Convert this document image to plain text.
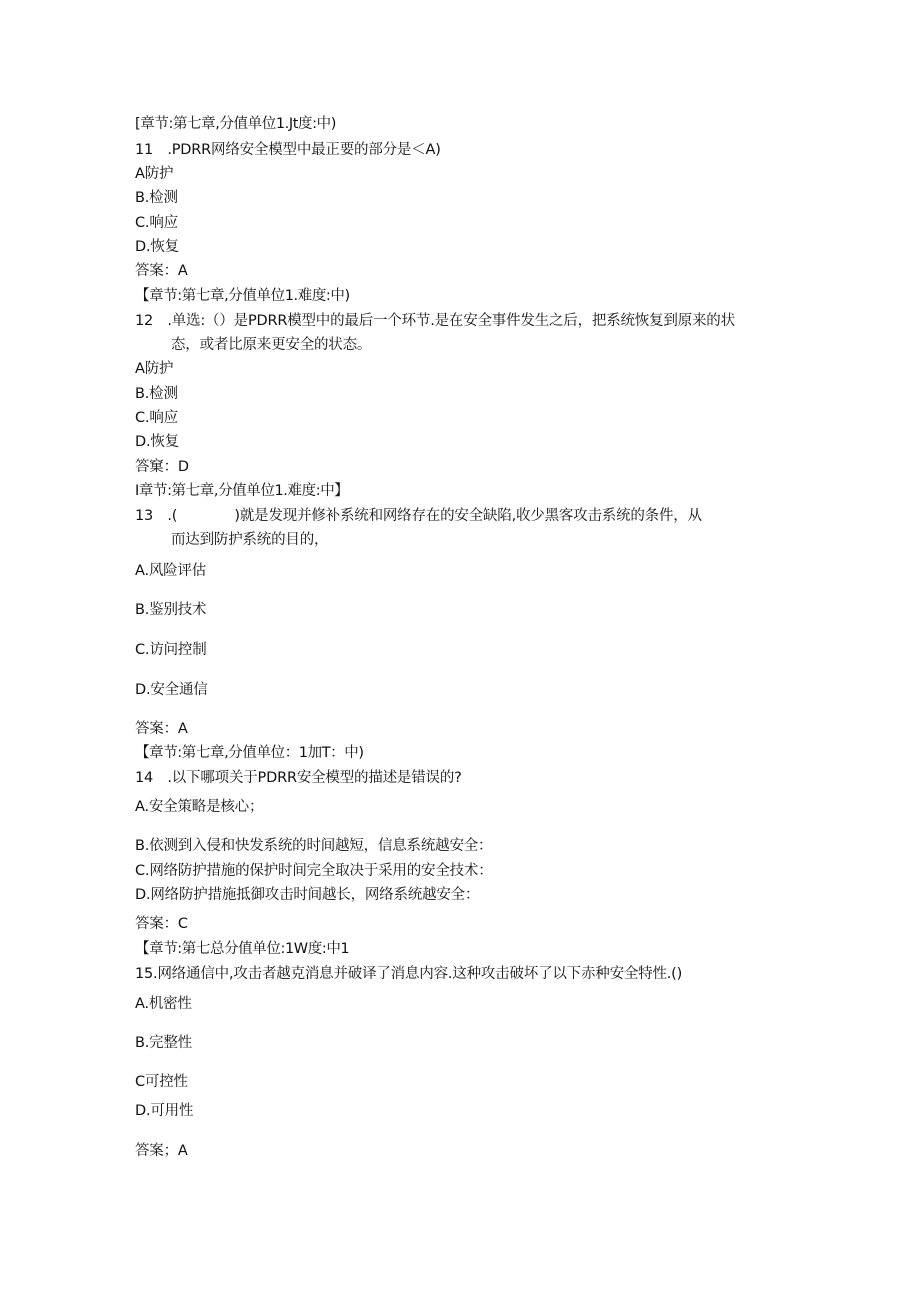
[章节:第七章,分值单位1.Jt度:中)
11　.PDRR网络安全模型中最正要的部分是＜A)
A防护
B.检测
C.响应
D.恢复
答案：A
【章节:第七章,分值单位1.难度:中)
12　.单选:（）是PDRR模型中的最后一个环节.是在安全事件发生之后，把系统恢复到原来的状
态，或者比原来更安全的状态。
A防护
B.检测
C.响应
D.恢复
答窠：D
I章节:第七章,分值单位1.难度:中】
13　.(　　　　)就是发现并修补系统和网络存在的安全缺陷,收少黑客攻击系统的条件，从
而达到防护系统的目的，
A.风险评估
B.鉴别技术
C.访问控制
D.安全通信
答案：A
【章节:第七章,分值单位：1加T：中)
14　.以下哪项关于PDRR安全模型的描述是错误的?
A.安全策略是核心；
B.依测到入侵和快发系统的时间越短，信息系统越安全：
C.网络防护措施的保护时间完全取决于采用的安全技术：
D.网络防护措施抵御攻击时间越长，网络系统越安全：
答案：C
【章节:第七总分值单位:1W度:中1
15.网络通信中,攻击者越克消息并破译了消息内容.这种攻击破坏了以下赤种安全特性.()
A.机密性
B.完整性
C可控性
D.可用性
答案；A
